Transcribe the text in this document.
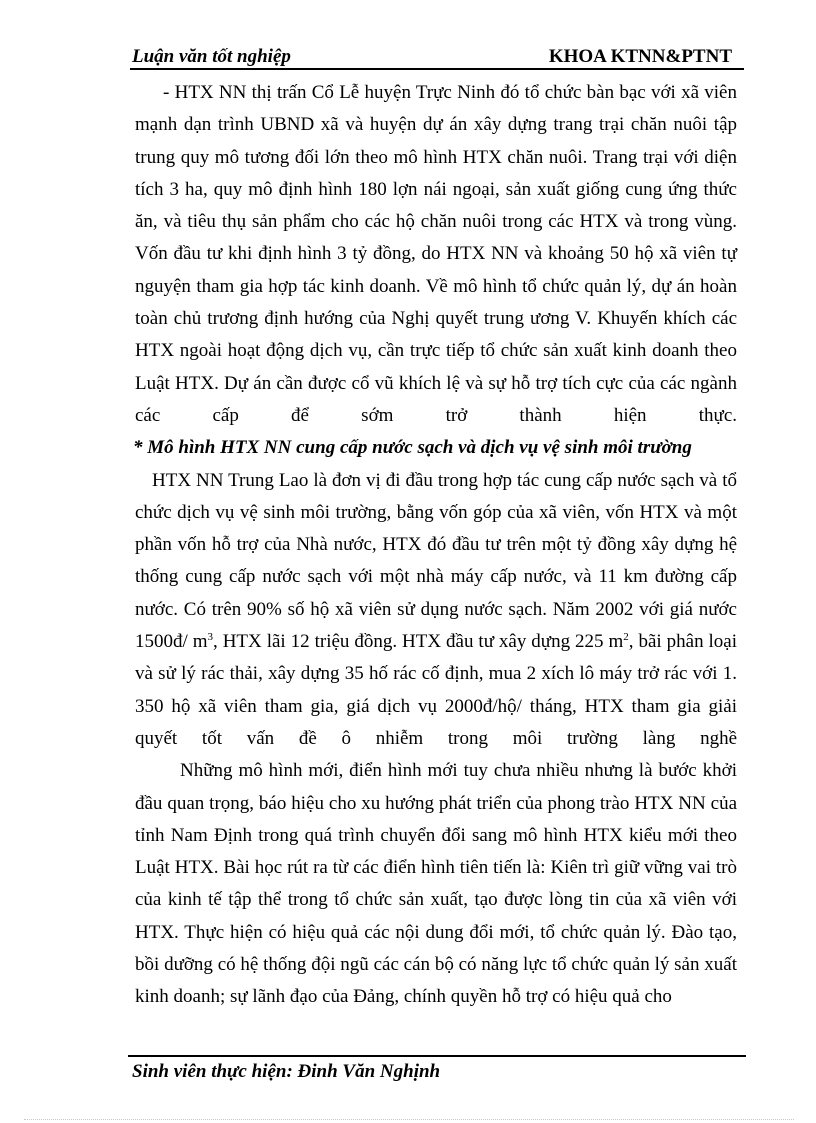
Luận văn tốt nghiệp	KHOA KTNN&PTNT

- HTX NN thị trấn Cổ Lễ huyện Trực Ninh đó tổ chức bàn bạc với xã viên mạnh dạn trình UBND xã và huyện dự án xây dựng trang trại chăn nuôi tập trung quy mô tương đối lớn theo mô hình HTX chăn nuôi. Trang trại với diện tích 3 ha, quy mô định hình 180 lợn nái ngoại, sản xuất giống cung ứng thức ăn, và tiêu thụ sản phẩm cho các hộ chăn nuôi trong các HTX và trong vùng. Vốn đầu tư khi định hình 3 tỷ đồng, do HTX NN và khoảng 50 hộ xã viên tự nguyện tham gia hợp tác kinh doanh. Về mô hình tổ chức quản lý, dự án hoàn toàn chủ trương định hướng của Nghị quyết trung ương V. Khuyến khích các HTX ngoài hoạt động dịch vụ, cần trực tiếp tổ chức sản xuất kinh doanh theo Luật HTX. Dự án cần được cổ vũ khích lệ và sự hỗ trợ tích cực của các ngành các cấp để sớm trở thành hiện thực.

* Mô hình HTX NN cung cấp nước sạch và dịch vụ vệ sinh môi trường

HTX NN Trung Lao là đơn vị đi đầu trong hợp tác cung cấp nước sạch và tổ chức dịch vụ vệ sinh môi trường, bằng vốn góp của xã viên, vốn HTX và một phần vốn hỗ trợ của Nhà nước, HTX đó đầu tư trên một tỷ đồng xây dựng hệ thống cung cấp nước sạch với một nhà máy cấp nước, và 11 km đường cấp nước. Có trên 90% số hộ xã viên sử dụng nước sạch. Năm 2002 với giá nước 1500đ/ $m^3$, HTX lãi 12 triệu đồng. HTX đầu tư xây dựng 225 $m^2$, bãi phân loại và sử lý rác thải, xây dựng 35 hố rác cố định, mua 2 xích lô máy trở rác với 1. 350 hộ xã viên tham gia, giá dịch vụ 2000đ/hộ/ tháng, HTX tham gia giải quyết tốt vấn đề ô nhiễm trong môi trường làng nghề

Những mô hình mới, điển hình mới tuy chưa nhiều nhưng là bước khởi đầu quan trọng, báo hiệu cho xu hướng phát triển của phong trào HTX NN của tỉnh Nam Định trong quá trình chuyển đổi sang mô hình HTX kiểu mới theo Luật HTX. Bài học rút ra từ các điển hình tiên tiến là: Kiên trì giữ vững vai trò của kinh tế tập thể trong tổ chức sản xuất, tạo được lòng tin của xã viên với HTX. Thực hiện có hiệu quả các nội dung đổi mới, tổ chức quản lý. Đào tạo, bồi dưỡng có hệ thống đội ngũ các cán bộ có năng lực tổ chức quản lý sản xuất kinh doanh; sự lãnh đạo của Đảng, chính quyền hỗ trợ có hiệu quả cho

Sinh viên thực hiện: Đinh Văn Nghịnh
